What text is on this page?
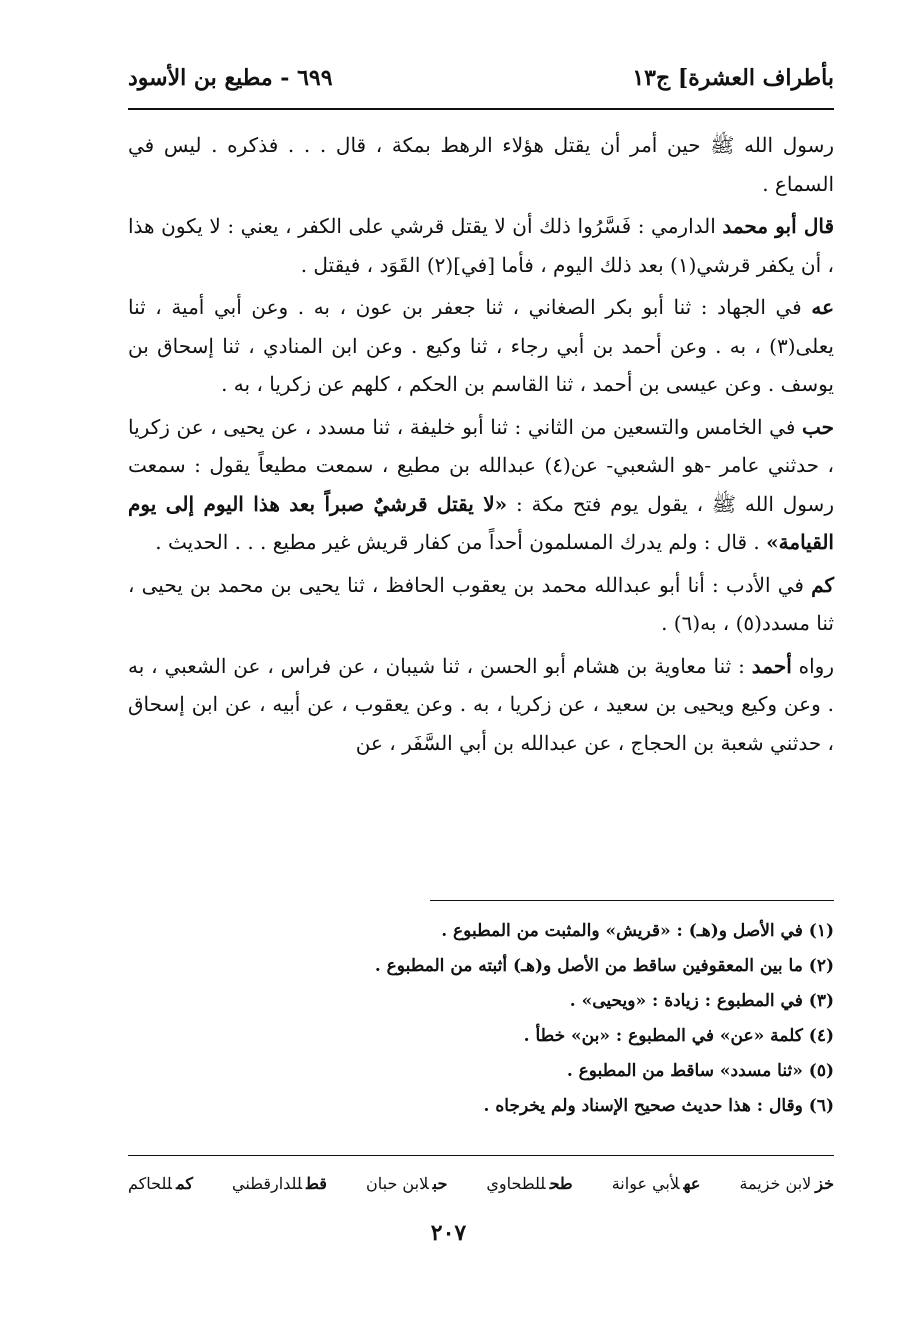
بأطراف العشرة] ج١٣
٦٩٩ - مطيع بن الأسود

رسول الله ﷺ حين أمر أن يقتل هؤلاء الرهط بمكة ، قال . . . فذكره . ليس في السماع .

قال أبو محمد الدارمي : فَسَّرُوا ذلك أن لا يقتل قرشي على الكفر ، يعني : لا يكون هذا ، أن يكفر قرشي(١) بعد ذلك اليوم ، فأما [في](٢) القَوَد ، فيقتل .

عه في الجهاد : ثنا أبو بكر الصغاني ، ثنا جعفر بن عون ، به . وعن أبي أمية ، ثنا يعلى(٣) ، به . وعن أحمد بن أبي رجاء ، ثنا وكيع . وعن ابن المنادي ، ثنا إسحاق بن يوسف . وعن عيسى بن أحمد ، ثنا القاسم بن الحكم ، كلهم عن زكريا ، به .

حب في الخامس والتسعين من الثاني : ثنا أبو خليفة ، ثنا مسدد ، عن يحيى ، عن زكريا ، حدثني عامر -هو الشعبي- عن(٤) عبدالله بن مطيع ، سمعت مطيعاً يقول : سمعت رسول الله ﷺ ، يقول يوم فتح مكة : «لا يقتل قرشيٌ صبراً بعد هذا اليوم إلى يوم القيامة» . قال : ولم يدرك المسلمون أحداً من كفار قريش غير مطيع . . . الحديث .

كم في الأدب : أنا أبو عبدالله محمد بن يعقوب الحافظ ، ثنا يحيى بن محمد بن يحيى ، ثنا مسدد(٥) ، به(٦) .

رواه أحمد : ثنا معاوية بن هشام أبو الحسن ، ثنا شيبان ، عن فراس ، عن الشعبي ، به . وعن وكيع ويحيى بن سعيد ، عن زكريا ، به . وعن يعقوب ، عن أبيه ، عن ابن إسحاق ، حدثني شعبة بن الحجاج ، عن عبدالله بن أبي السَّفَر ، عن

(١) في الأصل و(هـ) : «قريش» والمثبت من المطبوع .
(٢) ما بين المعقوفين ساقط من الأصل و(هـ) أثبته من المطبوع .
(٣) في المطبوع : زيادة : «ويحيى» .
(٤) كلمة «عن» في المطبوع : «بن» خطأ .
(٥) «ثنا مسدد» ساقط من المطبوع .
(٦) وقال : هذا حديث صحيح الإسناد ولم يخرجاه .
خزلابن خزيمة
عهلأبي عوانة
طحللطحاوي
حبلابن حبان
قطللدارقطني
كمللحاكم
٢٠٧
